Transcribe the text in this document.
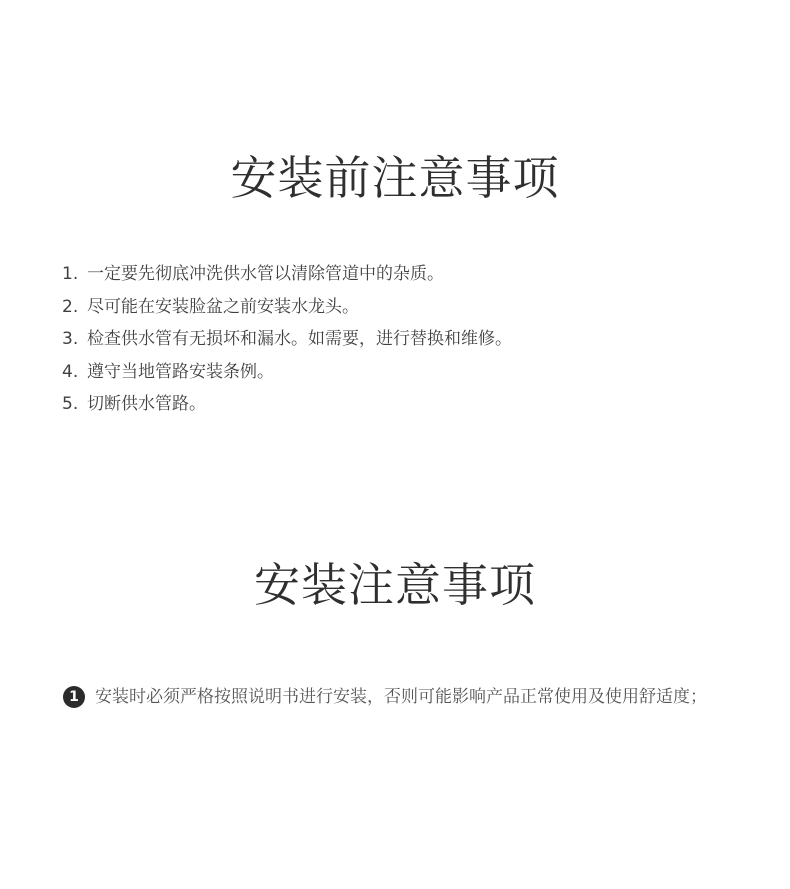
安装前注意事项
1. 一定要先彻底冲洗供水管以清除管道中的杂质。
2. 尽可能在安装脸盆之前安装水龙头。
3. 检查供水管有无损坏和漏水。如需要，进行替换和维修。
4. 遵守当地管路安装条例。
5. 切断供水管路。
安装注意事项
1 安装时必须严格按照说明书进行安装，否则可能影响产品正常使用及使用舒适度；
